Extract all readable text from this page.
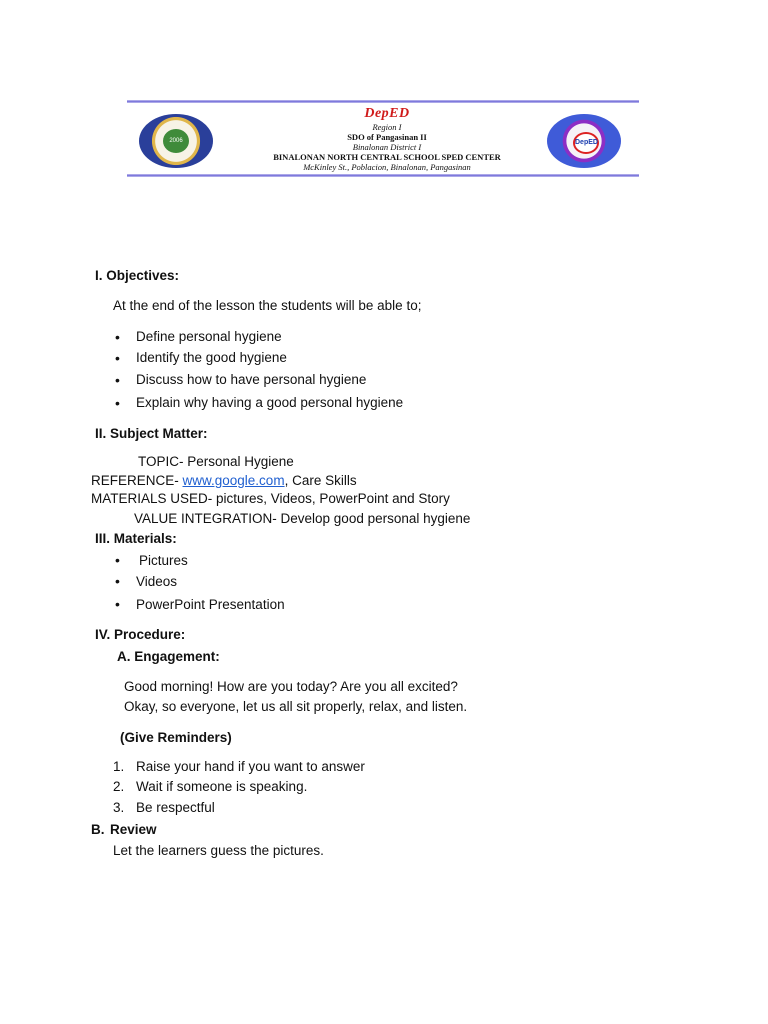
2006
DepED
Region I
SDO of Pangasinan II
Binalonan District I
BINALONAN NORTH CENTRAL SCHOOL SPED CENTER
McKinley St., Poblacion, Binalonan, Pangasinan
DepED
I. Objectives:
At the end of the lesson the students will be able to;
• Define personal hygiene
• Identify the good hygiene
• Discuss how to have personal hygiene
• Explain why having a good personal hygiene
II. Subject Matter:
TOPIC- Personal Hygiene
REFERENCE- www.google.com, Care Skills
MATERIALS USED- pictures, Videos, PowerPoint and Story
VALUE INTEGRATION- Develop good personal hygiene
III. Materials:
• Pictures
• Videos
• PowerPoint Presentation
IV. Procedure:
A. Engagement:
Good morning! How are you today? Are you all excited?
Okay, so everyone, let us all sit properly, relax, and listen.
(Give Reminders)
1. Raise your hand if you want to answer
2. Wait if someone is speaking.
3. Be respectful
B. Review
Let the learners guess the pictures.
